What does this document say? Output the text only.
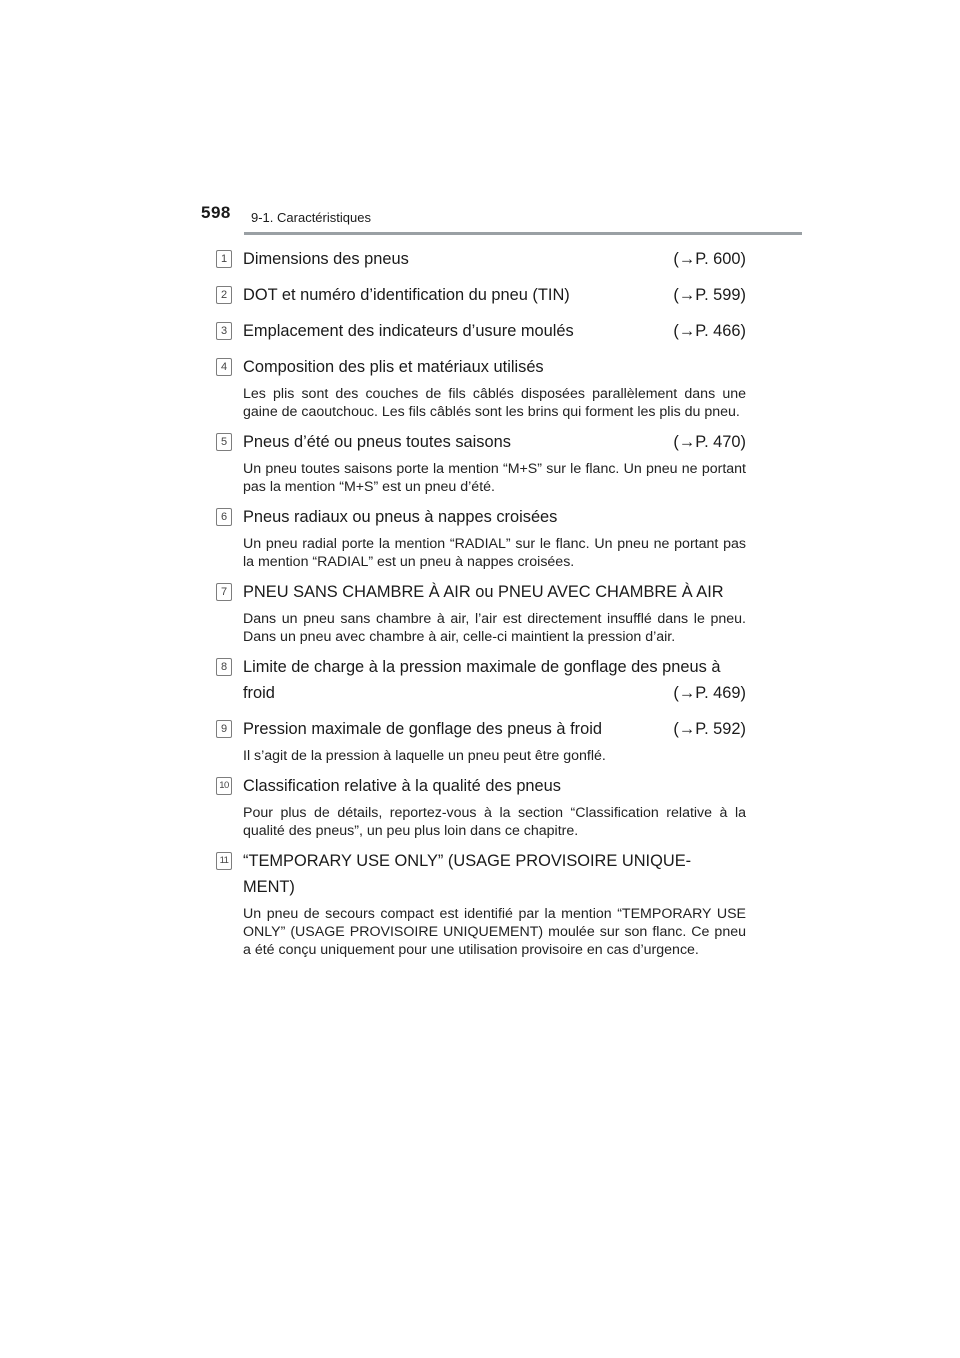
598 9-1. Caractéristiques
1 Dimensions des pneus	(→P. 600)
2 DOT et numéro d’identification du pneu (TIN)	(→P. 599)
3 Emplacement des indicateurs d’usure moulés	(→P. 466)
4 Composition des plis et matériaux utilisés
Les plis sont des couches de fils câblés disposées parallèlement dans une gaine de caoutchouc. Les fils câblés sont les brins qui forment les plis du pneu.
5 Pneus d’été ou pneus toutes saisons	(→P. 470)
Un pneu toutes saisons porte la mention “M+S” sur le flanc. Un pneu ne portant pas la mention “M+S” est un pneu d’été.
6 Pneus radiaux ou pneus à nappes croisées
Un pneu radial porte la mention “RADIAL” sur le flanc. Un pneu ne portant pas la mention “RADIAL” est un pneu à nappes croisées.
7 PNEU SANS CHAMBRE À AIR ou PNEU AVEC CHAMBRE À AIR
Dans un pneu sans chambre à air, l’air est directement insufflé dans le pneu. Dans un pneu avec chambre à air, celle-ci maintient la pression d’air.
8 Limite de charge à la pression maximale de gonflage des pneus à
froid	(→P. 469)
9 Pression maximale de gonflage des pneus à froid	(→P. 592)
Il s’agit de la pression à laquelle un pneu peut être gonflé.
10 Classification relative à la qualité des pneus
Pour plus de détails, reportez-vous à la section “Classification relative à la qualité des pneus”, un peu plus loin dans ce chapitre.
11 “TEMPORARY USE ONLY” (USAGE PROVISOIRE UNIQUE-
MENT)
Un pneu de secours compact est identifié par la mention “TEMPORARY USE ONLY” (USAGE PROVISOIRE UNIQUEMENT) moulée sur son flanc. Ce pneu a été conçu uniquement pour une utilisation provisoire en cas d’urgence.
